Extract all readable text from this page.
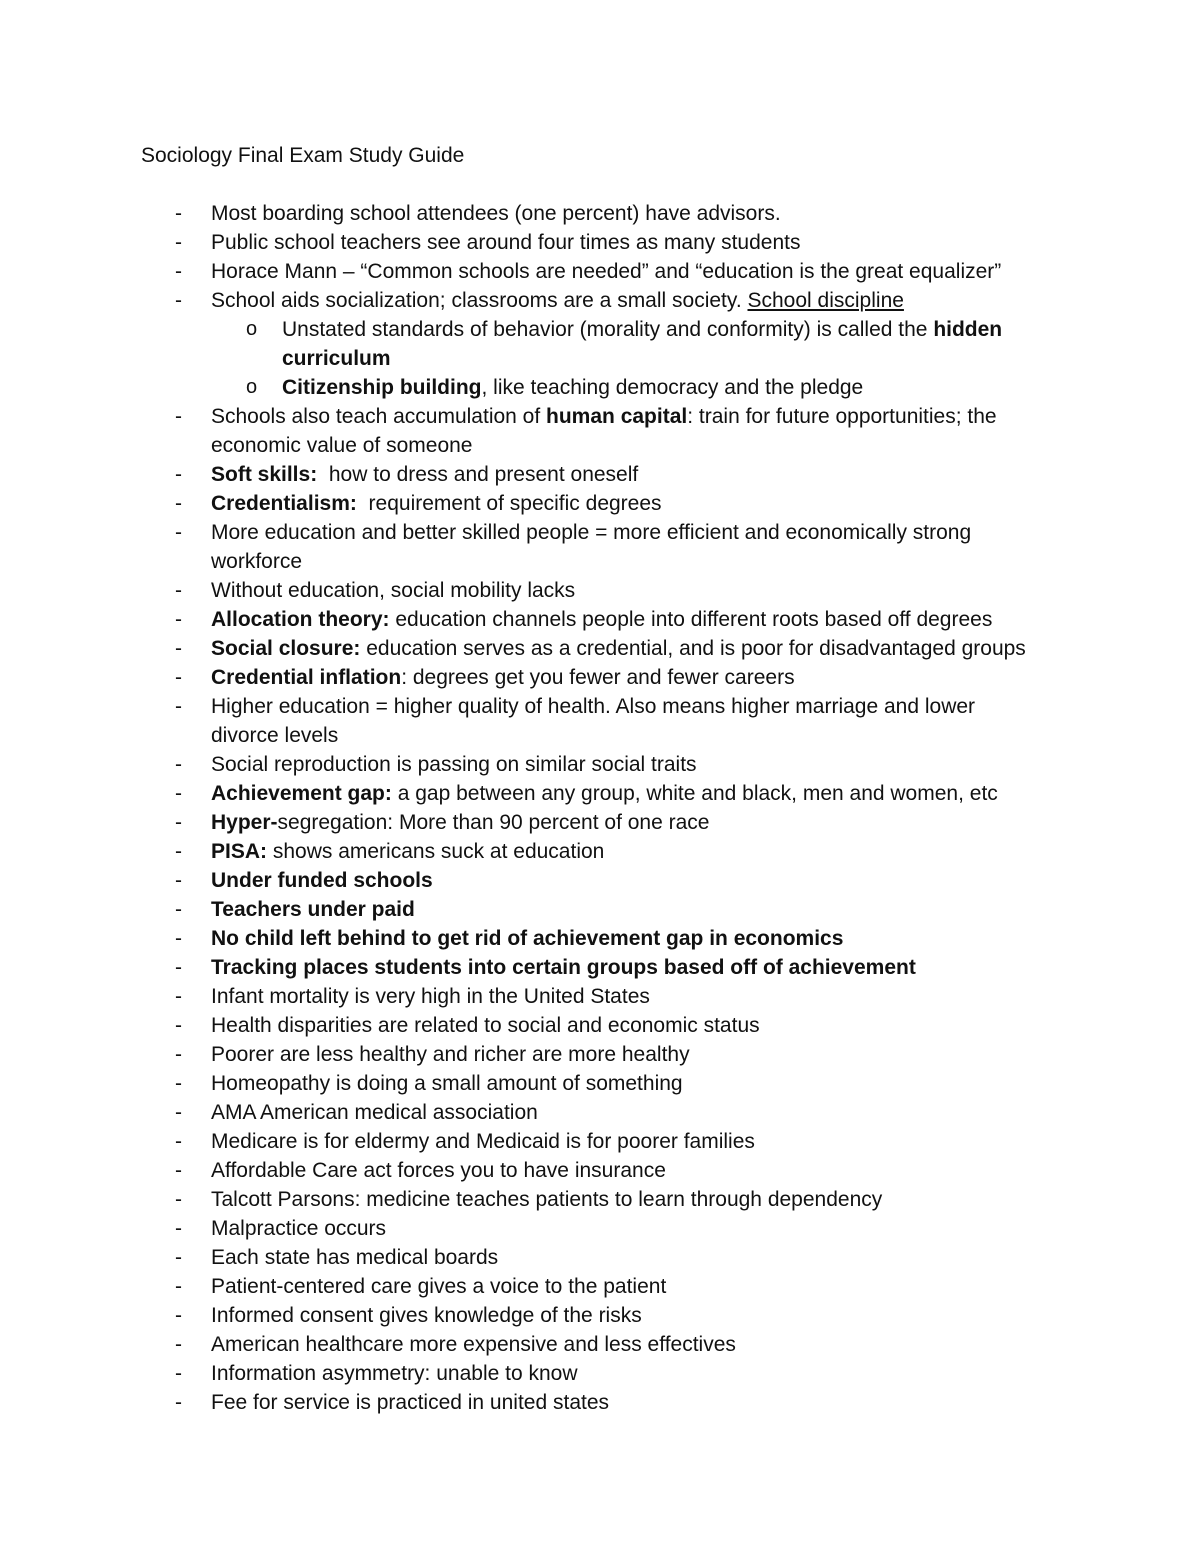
Sociology Final Exam Study Guide
- Most boarding school attendees (one percent) have advisors.
- Public school teachers see around four times as many students
- Horace Mann – “Common schools are needed” and “education is the great equalizer”
- School aids socialization; classrooms are a small society. School discipline
o Unstated standards of behavior (morality and conformity) is called the hidden
curriculum
o Citizenship building, like teaching democracy and the pledge
- Schools also teach accumulation of human capital: train for future opportunities; the
economic value of someone
- Soft skills:  how to dress and present oneself
- Credentialism:  requirement of specific degrees
- More education and better skilled people = more efficient and economically strong
workforce
- Without education, social mobility lacks
- Allocation theory: education channels people into different roots based off degrees
- Social closure: education serves as a credential, and is poor for disadvantaged groups
- Credential inflation: degrees get you fewer and fewer careers
- Higher education = higher quality of health. Also means higher marriage and lower
divorce levels
- Social reproduction is passing on similar social traits
- Achievement gap: a gap between any group, white and black, men and women, etc
- Hyper-segregation: More than 90 percent of one race
- PISA: shows americans suck at education
- Under funded schools
- Teachers under paid
- No child left behind to get rid of achievement gap in economics
- Tracking places students into certain groups based off of achievement
- Infant mortality is very high in the United States
- Health disparities are related to social and economic status
- Poorer are less healthy and richer are more healthy
- Homeopathy is doing a small amount of something
- AMA American medical association
- Medicare is for eldermy and Medicaid is for poorer families
- Affordable Care act forces you to have insurance
- Talcott Parsons: medicine teaches patients to learn through dependency
- Malpractice occurs
- Each state has medical boards
- Patient-centered care gives a voice to the patient
- Informed consent gives knowledge of the risks
- American healthcare more expensive and less effectives
- Information asymmetry: unable to know
- Fee for service is practiced in united states
